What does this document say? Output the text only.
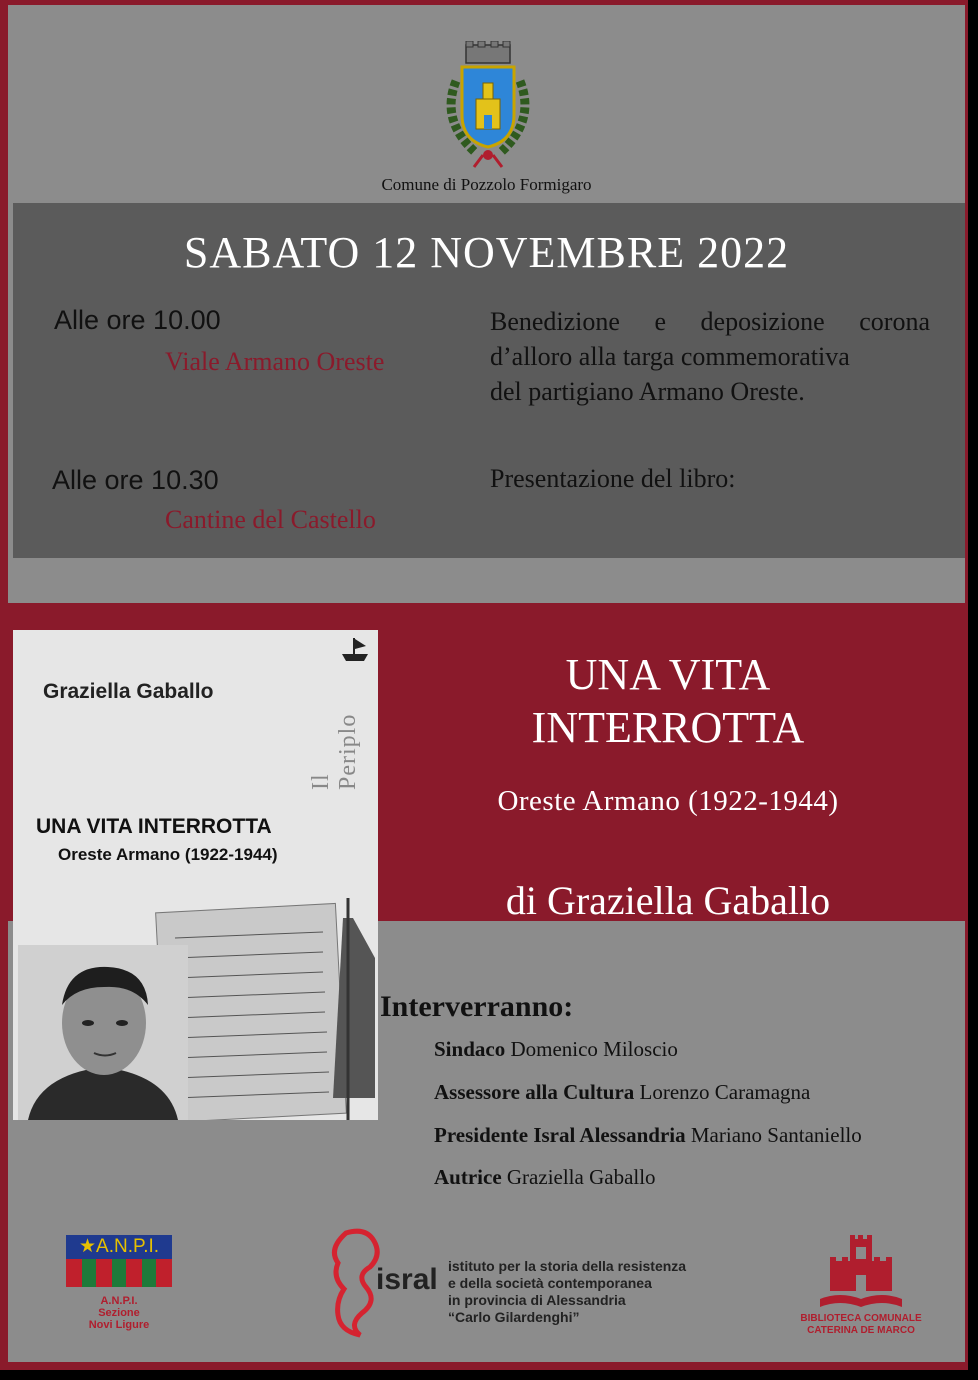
Comune di Pozzolo Formigaro
SABATO 12 NOVEMBRE 2022
Alle ore 10.00
Viale Armano Oreste
Benedizione e deposizione corona
d’alloro alla targa commemorativa
del partigiano Armano Oreste.
Alle ore 10.30
Cantine del Castello
Presentazione del libro:
Graziella Gaballo
Il Periplo
UNA VITA INTERROTTA
Oreste Armano (1922-1944)
UNA VITA
INTERROTTA
Oreste Armano (1922-1944)
di Graziella Gaballo
Interverranno:
Sindaco Domenico Miloscio
Assessore alla Cultura Lorenzo Caramagna
Presidente Isral Alessandria Mariano Santaniello
Autrice Graziella Gaballo
★A.N.P.I.
A.N.P.I.
Sezione
Novi Ligure
isral istituto per la storia della resistenza
e della società contemporanea
in provincia di Alessandria
“Carlo Gilardenghi”	BIBLIOTECA COMUNALE
CATERINA DE MARCO
